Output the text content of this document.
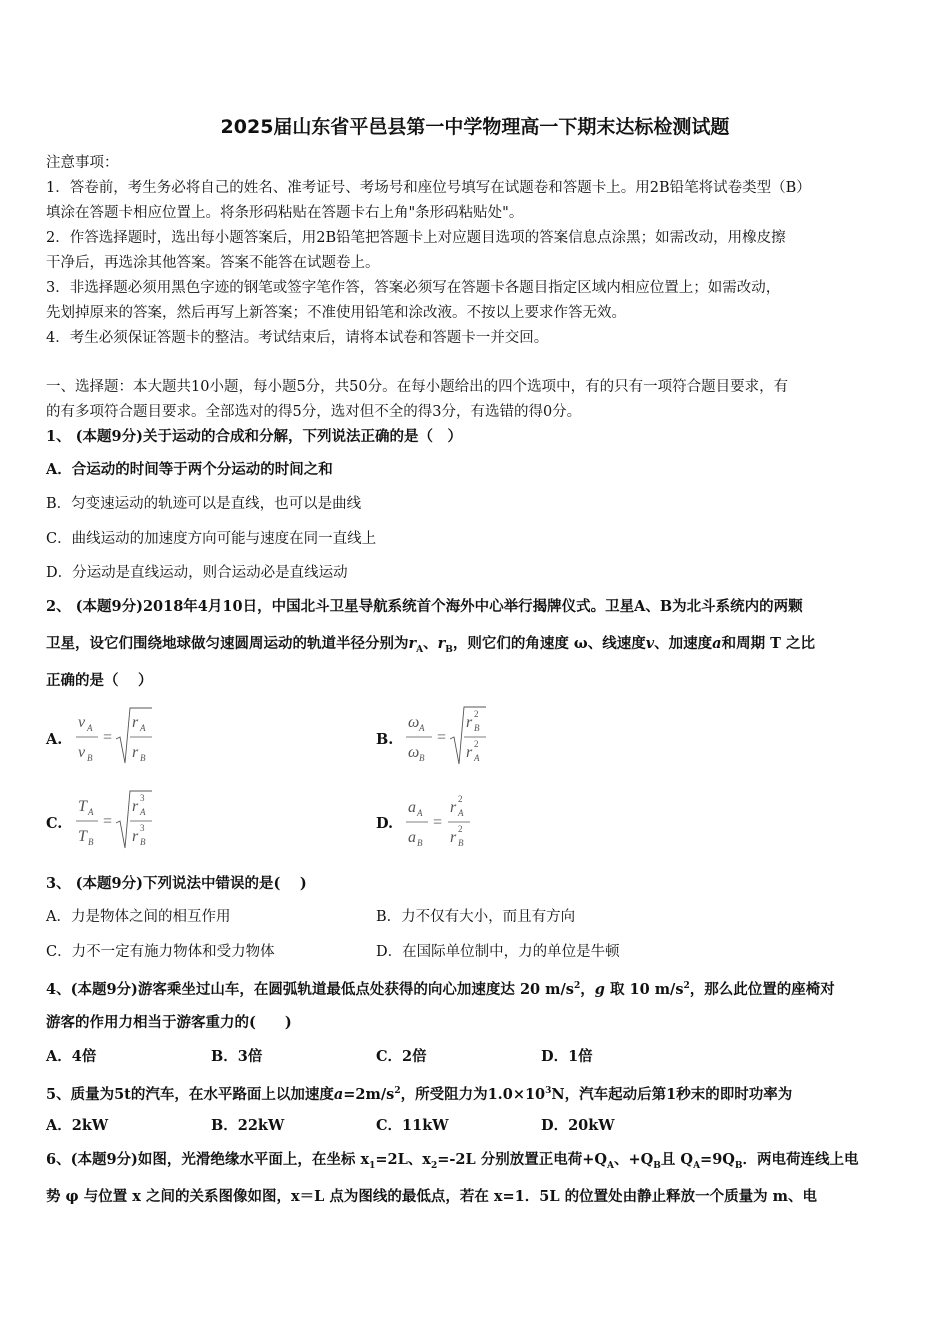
2025届山东省平邑县第一中学物理高一下期末达标检测试题
注意事项：
1．答卷前，考生务必将自己的姓名、准考证号、考场号和座位号填写在试题卷和答题卡上。用2B铅笔将试卷类型（B）
填涂在答题卡相应位置上。将条形码粘贴在答题卡右上角"条形码粘贴处"。
2．作答选择题时，选出每小题答案后，用2B铅笔把答题卡上对应题目选项的答案信息点涂黑；如需改动，用橡皮擦
干净后，再选涂其他答案。答案不能答在试题卷上。
3．非选择题必须用黑色字迹的钢笔或签字笔作答，答案必须写在答题卡各题目指定区域内相应位置上；如需改动，
先划掉原来的答案，然后再写上新答案；不准使用铅笔和涂改液。不按以上要求作答无效。
4．考生必须保证答题卡的整洁。考试结束后，请将本试卷和答题卡一并交回。
一、选择题：本大题共10小题，每小题5分，共50分。在每小题给出的四个选项中，有的只有一项符合题目要求，有
的有多项符合题目要求。全部选对的得5分，选对但不全的得3分，有选错的得0分。
1、 (本题9分)关于运动的合成和分解，下列说法正确的是（　）
A．合运动的时间等于两个分运动的时间之和
B．匀变速运动的轨迹可以是直线，也可以是曲线
C．曲线运动的加速度方向可能与速度在同一直线上
D．分运动是直线运动，则合运动必是直线运动
2、 (本题9分)2018年4月10日，中国北斗卫星导航系统首个海外中心举行揭牌仪式。卫星A、B为北斗系统内的两颗
卫星，设它们围绕地球做匀速圆周运动的轨道半径分别为$r_A$、$r_B$，则它们的角速度 ω、线速度v、加速度a和周期 T 之比
正确的是（　 ）
A.
v A
v B
=
r A
r B
B.
ω A
ω B
=
r 2
B
r 2
A
C.
T A
T B
=
r 3
A
r 3
B
D.
a A
a B
=
r 2
A
r 2
B
3、 (本题9分)下列说法中错误的是(　 )
A．力是物体之间的相互作用	B．力不仅有大小，而且有方向
C．力不一定有施力物体和受力物体	D．在国际单位制中，力的单位是牛顿
4、(本题9分)游客乘坐过山车，在圆弧轨道最低点处获得的向心加速度达 20 $m/s^2$，g 取 10 $m/s^2$，那么此位置的座椅对
游客的作用力相当于游客重力的(　　)
A．4倍	B．3倍	C．2倍	D．1倍
5、质量为5t的汽车，在水平路面上以加速度$a=2m/s^2$，所受阻力为$1.0\times 10^3N$，汽车起动后第1秒末的即时功率为
A．2kW	B．22kW	C．11kW	D．20kW
6、(本题9分)如图，光滑绝缘水平面上，在坐标 $x_1=2L$、$x_2=-2L$ 分别放置正电荷$+Q_A$、$+Q_B$且 $Q_A=9Q_B$．两电荷连线上电
势 φ 与位置 x 之间的关系图像如图，x＝L 点为图线的最低点，若在 x=1．5L 的位置处由静止释放一个质量为 m、电
